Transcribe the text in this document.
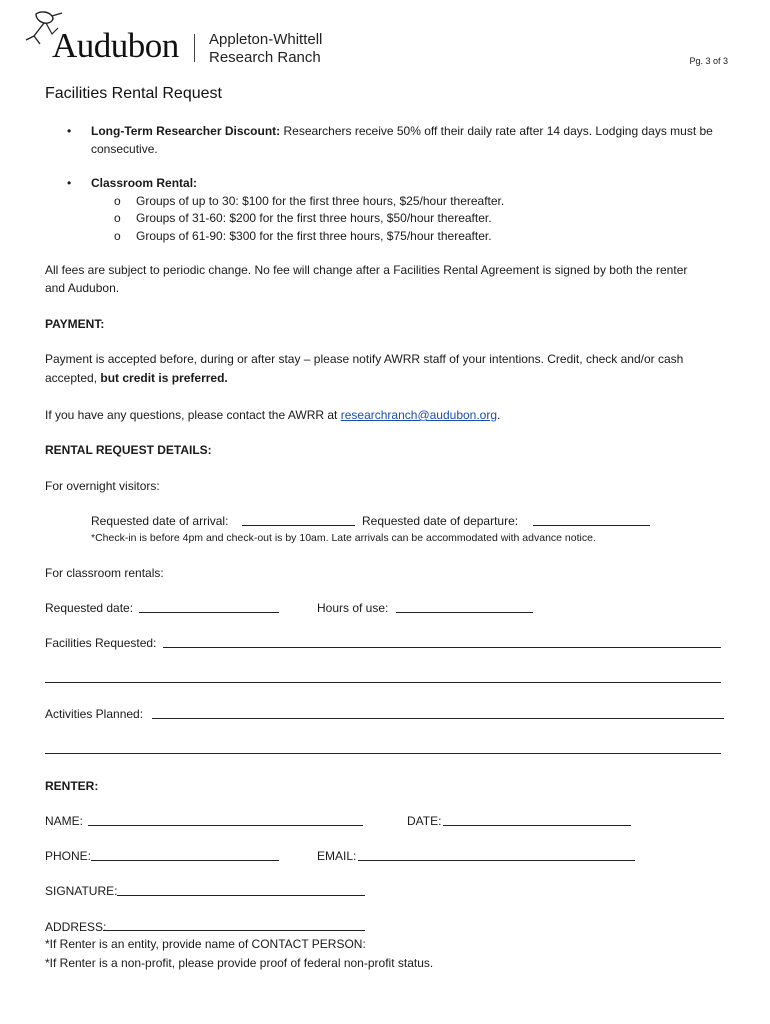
Audubon Appleton-Whittell
Research Ranch	Pg. 3 of 3
Facilities Rental Request
• Long-Term Researcher Discount: Researchers receive 50% off their daily rate after 14 days. Lodging days must be consecutive.
• Classroom Rental:
o Groups of up to 30: $100 for the first three hours, $25/hour thereafter.
o Groups of 31-60: $200 for the first three hours, $50/hour thereafter.
o Groups of 61-90: $300 for the first three hours, $75/hour thereafter.
All fees are subject to periodic change. No fee will change after a Facilities Rental Agreement is signed by both the renter
and Audubon.
PAYMENT:
Payment is accepted before, during or after stay – please notify AWRR staff of your intentions. Credit, check and/or cash
accepted, but credit is preferred.
If you have any questions, please contact the AWRR at researchranch@audubon.org.
RENTAL REQUEST DETAILS:
For overnight visitors:
Requested date of arrival:	Requested date of departure:
*Check-in is before 4pm and check-out is by 10am. Late arrivals can be accommodated with advance notice.
For classroom rentals:
Requested date:	Hours of use:
Facilities Requested:
Activities Planned:
RENTER:
NAME:	DATE:
PHONE:	EMAIL:
SIGNATURE:
ADDRESS:
*If Renter is an entity, provide name of CONTACT PERSON:
*If Renter is a non-profit, please provide proof of federal non-profit status.
